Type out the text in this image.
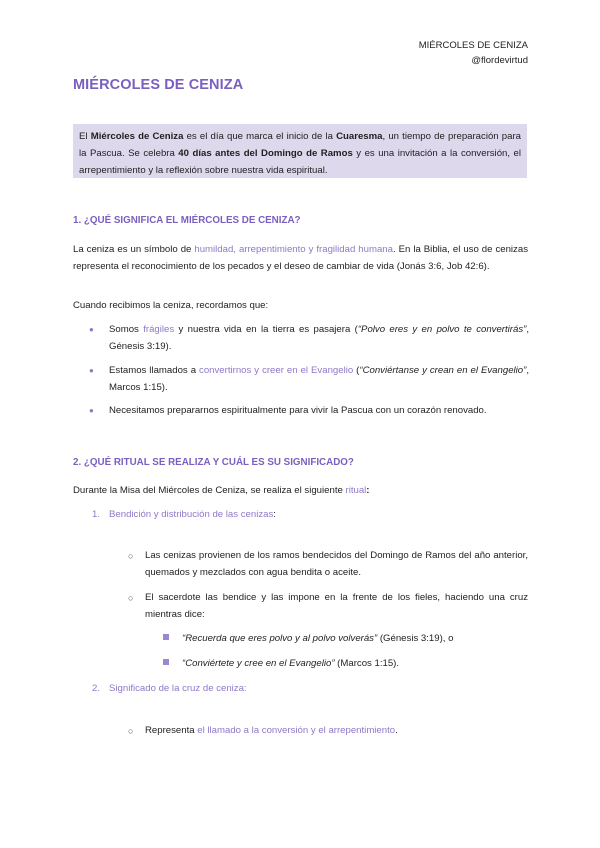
MIÉRCOLES DE CENIZA
@flordevirtud
MIÉRCOLES DE CENIZA
El Miércoles de Ceniza es el día que marca el inicio de la Cuaresma, un tiempo de preparación para la Pascua. Se celebra 40 días antes del Domingo de Ramos y es una invitación a la conversión, el arrepentimiento y la reflexión sobre nuestra vida espiritual.
1. ¿QUÉ SIGNIFICA EL MIÉRCOLES DE CENIZA?

La ceniza es un símbolo de humildad, arrepentimiento y fragilidad humana. En la Biblia, el uso de cenizas representa el reconocimiento de los pecados y el deseo de cambiar de vida (Jonás 3:6, Job 42:6).

Cuando recibimos la ceniza, recordamos que:

● Somos frágiles y nuestra vida en la tierra es pasajera (“Polvo eres y en polvo te convertirás”, Génesis 3:19).
● Estamos llamados a convertirnos y creer en el Evangelio (“Conviértanse y crean en el Evangelio”, Marcos 1:15).
● Necesitamos prepararnos espiritualmente para vivir la Pascua con un corazón renovado.
2. ¿QUÉ RITUAL SE REALIZA Y CUÁL ES SU SIGNIFICADO?

Durante la Misa del Miércoles de Ceniza, se realiza el siguiente ritual:

1. Bendición y distribución de las cenizas:
○ Las cenizas provienen de los ramos bendecidos del Domingo de Ramos del año anterior, quemados y mezclados con agua bendita o aceite.
○ El sacerdote las bendice y las impone en la frente de los fieles, haciendo una cruz mientras dice:
“Recuerda que eres polvo y al polvo volverás” (Génesis 3:19), o
“Conviértete y cree en el Evangelio” (Marcos 1:15).
2. Significado de la cruz de ceniza:
○ Representa el llamado a la conversión y el arrepentimiento.
